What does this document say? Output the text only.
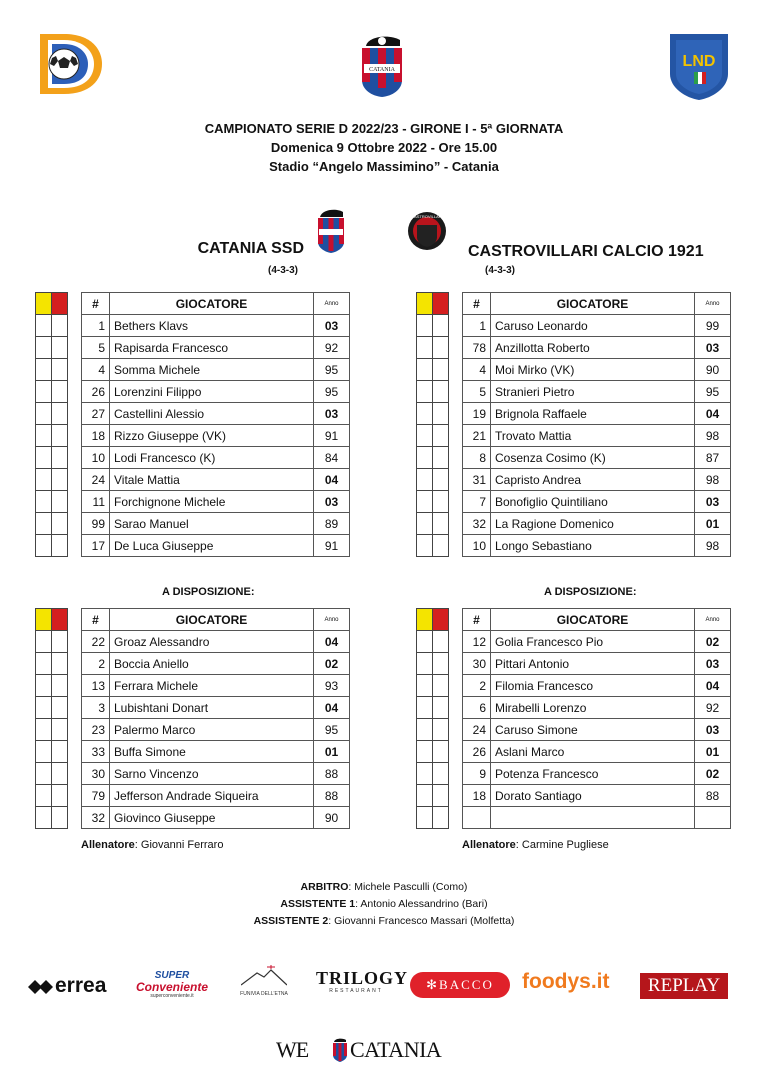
CATANIA	LND
CAMPIONATO SERIE D 2022/23 - GIRONE I - 5ª GIORNATA
Domenica 9 Ottobre 2022 - Ore 15.00
Stadio “Angelo Massimino” - Catania
CASTROVILLARI
CATANIA SSD	CASTROVILLARI CALCIO 1921
(4-3-3)	(4-3-3)
#	GIOCATORE	Anno
1	Bethers Klavs	03
5	Rapisarda Francesco	92
4	Somma Michele	95
26	Lorenzini Filippo	95
27	Castellini Alessio	03
18	Rizzo Giuseppe (VK)	91
10	Lodi Francesco (K)	84
24	Vitale Mattia	04
11	Forchignone Michele	03
99	Sarao Manuel	89
17	De Luca Giuseppe	91
#	GIOCATORE	Anno
1	Caruso Leonardo	99
78	Anzillotta Roberto	03
4	Moi Mirko (VK)	90
5	Stranieri Pietro	95
19	Brignola Raffaele	04
21	Trovato Mattia	98
8	Cosenza Cosimo (K)	87
31	Capristo Andrea	98
7	Bonofiglio Quintiliano	03
32	La Ragione Domenico	01
10	Longo Sebastiano	98
A DISPOSIZIONE:	A DISPOSIZIONE:
#	GIOCATORE	Anno
22	Groaz Alessandro	04
2	Boccia Aniello	02
13	Ferrara Michele	93
3	Lubishtani Donart	04
23	Palermo Marco	95
33	Buffa Simone	01
30	Sarno Vincenzo	88
79	Jefferson Andrade Siqueira	88
32	Giovinco Giuseppe	90
#	GIOCATORE	Anno
12	Golia Francesco Pio	02
30	Pittari Antonio	03
2	Filomia Francesco	04
6	Mirabelli Lorenzo	92
24	Caruso Simone	03
26	Aslani Marco	01
9	Potenza Francesco	02
18	Dorato Santiago	88

Allenatore: Giovanni Ferraro	Allenatore: Carmine Pugliese
ARBITRO: Michele Pasculli (Como)
ASSISTENTE 1: Antonio Alessandrino (Bari)
ASSISTENTE 2: Giovanni Francesco Massari (Molfetta)
errea	SUPER
Conveniente
superconveniente.it	FUNIVIA DELL'ETNA
TRILOGY
RESTAURANT	✻BACCO	foodys.it	REPLAY
WE CATANIA
